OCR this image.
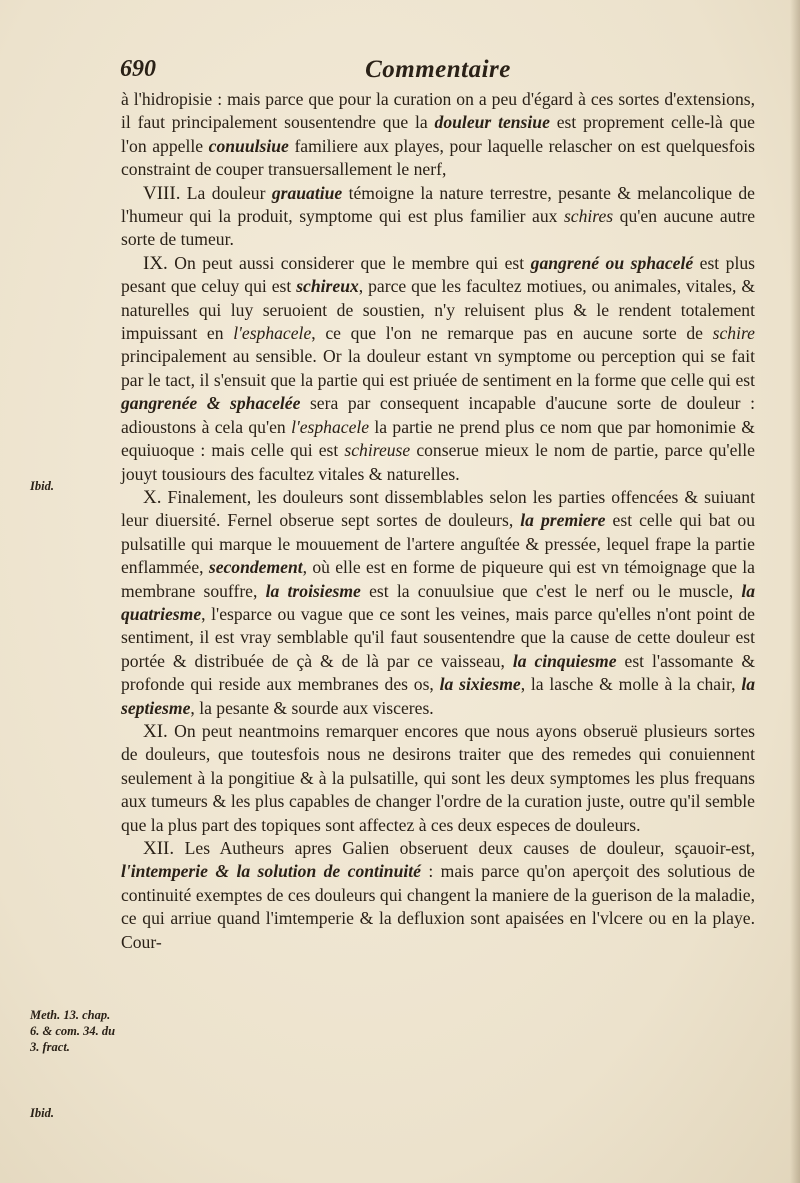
690	Commentaire
Ibid.
Meth. 13. chap. 6. & com. 34. du 3. fract.
Ibid.

à l'hidropisie : mais parce que pour la curation on a peu d'égard à ces sortes d'extensions, il faut principalement sousentendre que la douleur tensiue est proprement celle-là que l'on appelle conuulsiue familiere aux playes, pour laquelle relascher on est quelquesfois constraint de couper transuersallement le nerf,

VIII. La douleur grauatiue témoigne la nature terrestre, pesante & melancolique de l'humeur qui la produit, symptome qui est plus familier aux schires qu'en aucune autre sorte de tumeur.

IX. On peut aussi considerer que le membre qui est gangrené ou sphacelé est plus pesant que celuy qui est schireux, parce que les facultez motiues, ou animales, vitales, & naturelles qui luy seruoient de soustien, n'y reluisent plus & le rendent totalement impuissant en l'esphacele, ce que l'on ne remarque pas en aucune sorte de schire principalement au sensible. Or la douleur estant vn symptome ou perception qui se fait par le tact, il s'ensuit que la partie qui est priuée de sentiment en la forme que celle qui est gangrenée & sphacelée sera par consequent incapable d'aucune sorte de douleur : adioustons à cela qu'en l'esphacele la partie ne prend plus ce nom que par homonimie & equiuoque : mais celle qui est schireuse conserue mieux le nom de partie, parce qu'elle jouyt tousiours des facultez vitales & naturelles.

X. Finalement, les douleurs sont dissemblables selon les parties offencées & suiuant leur diuersité. Fernel obserue sept sortes de douleurs, la premiere est celle qui bat ou pulsatille qui marque le mouuement de l'artere anguſtée & pressée, lequel frape la partie enflammée, secondement, où elle est en forme de piqueure qui est vn témoignage que la membrane souffre, la troisiesme est la conuulsiue que c'est le nerf ou le muscle, la quatriesme, l'esparce ou vague que ce sont les veines, mais parce qu'elles n'ont point de sentiment, il est vray semblable qu'il faut sousentendre que la cause de cette douleur est portée & distribuée de çà & de là par ce vaisseau, la cinquiesme est l'assomante & profonde qui reside aux membranes des os, la sixiesme, la lasche & molle à la chair, la septiesme, la pesante & sourde aux visceres.

XI. On peut neantmoins remarquer encores que nous ayons obseruë plusieurs sortes de douleurs, que toutesfois nous ne desirons traiter que des remedes qui conuiennent seulement à la pongitiue & à la pulsatille, qui sont les deux symptomes les plus frequans aux tumeurs & les plus capables de changer l'ordre de la curation juste, outre qu'il semble que la plus part des topiques sont affectez à ces deux especes de douleurs.

XII. Les Autheurs apres Galien obseruent deux causes de douleur, sçauoir-est, l'intemperie & la solution de continuité : mais parce qu'on aperçoit des solutious de continuité exemptes de ces douleurs qui changent la maniere de la guerison de la maladie, ce qui arriue quand l'imtemperie & la defluxion sont apaisées en l'vlcere ou en la playe. Cour-
